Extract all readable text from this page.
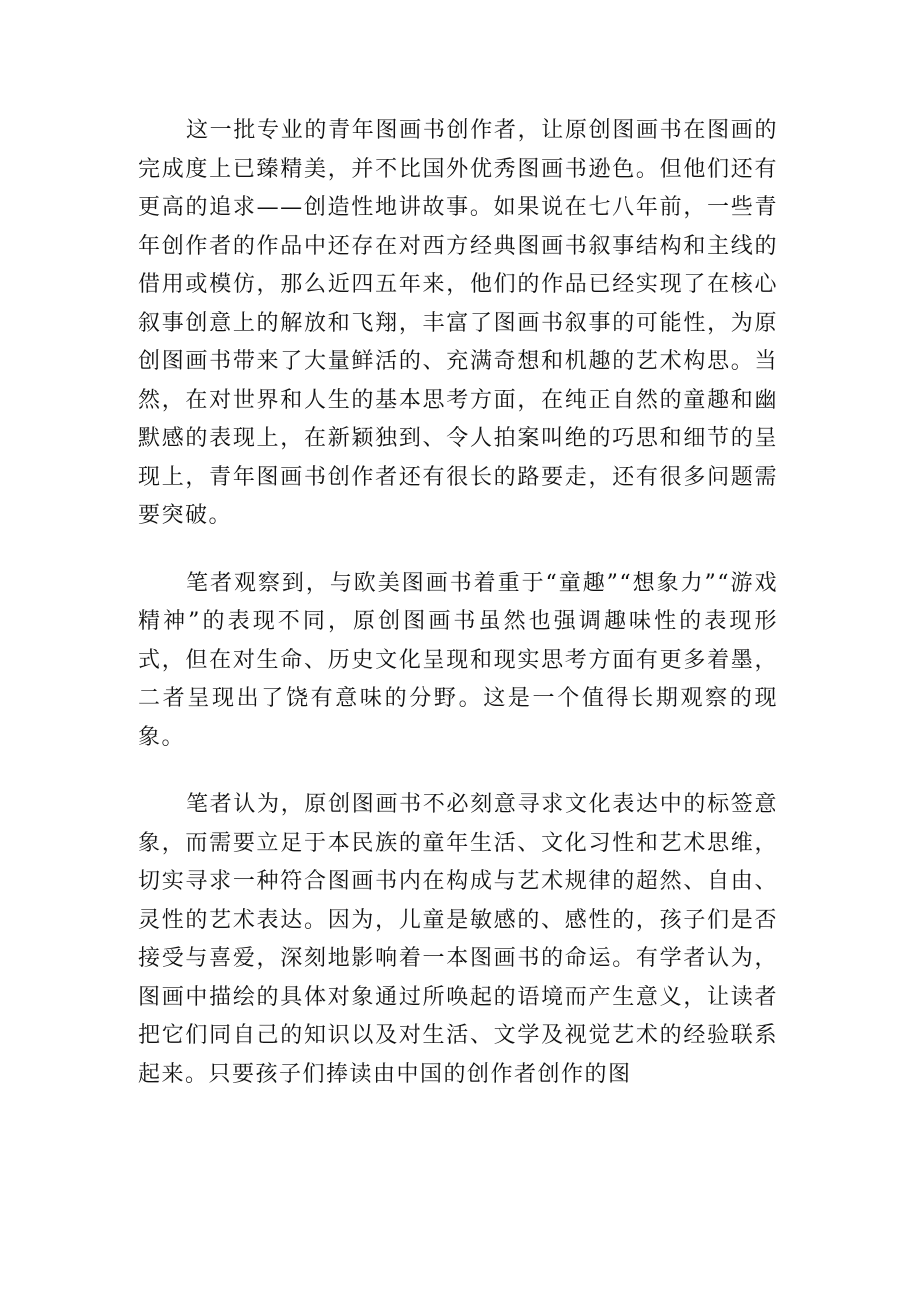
这一批专业的青年图画书创作者，让原创图画书在图画的完成度上已臻精美，并不比国外优秀图画书逊色。但他们还有更高的追求——创造性地讲故事。如果说在七八年前，一些青年创作者的作品中还存在对西方经典图画书叙事结构和主线的借用或模仿，那么近四五年来，他们的作品已经实现了在核心叙事创意上的解放和飞翔，丰富了图画书叙事的可能性，为原创图画书带来了大量鲜活的、充满奇想和机趣的艺术构思。当然，在对世界和人生的基本思考方面，在纯正自然的童趣和幽默感的表现上，在新颖独到、令人拍案叫绝的巧思和细节的呈现上，青年图画书创作者还有很长的路要走，还有很多问题需要突破。

笔者观察到，与欧美图画书着重于“童趣”“想象力”“游戏精神”的表现不同，原创图画书虽然也强调趣味性的表现形式，但在对生命、历史文化呈现和现实思考方面有更多着墨，二者呈现出了饶有意味的分野。这是一个值得长期观察的现象。

笔者认为，原创图画书不必刻意寻求文化表达中的标签意象，而需要立足于本民族的童年生活、文化习性和艺术思维，切实寻求一种符合图画书内在构成与艺术规律的超然、自由、灵性的艺术表达。因为，儿童是敏感的、感性的，孩子们是否接受与喜爱，深刻地影响着一本图画书的命运。有学者认为，图画中描绘的具体对象通过所唤起的语境而产生意义，让读者把它们同自己的知识以及对生活、文学及视觉艺术的经验联系起来。只要孩子们捧读由中国的创作者创作的图
